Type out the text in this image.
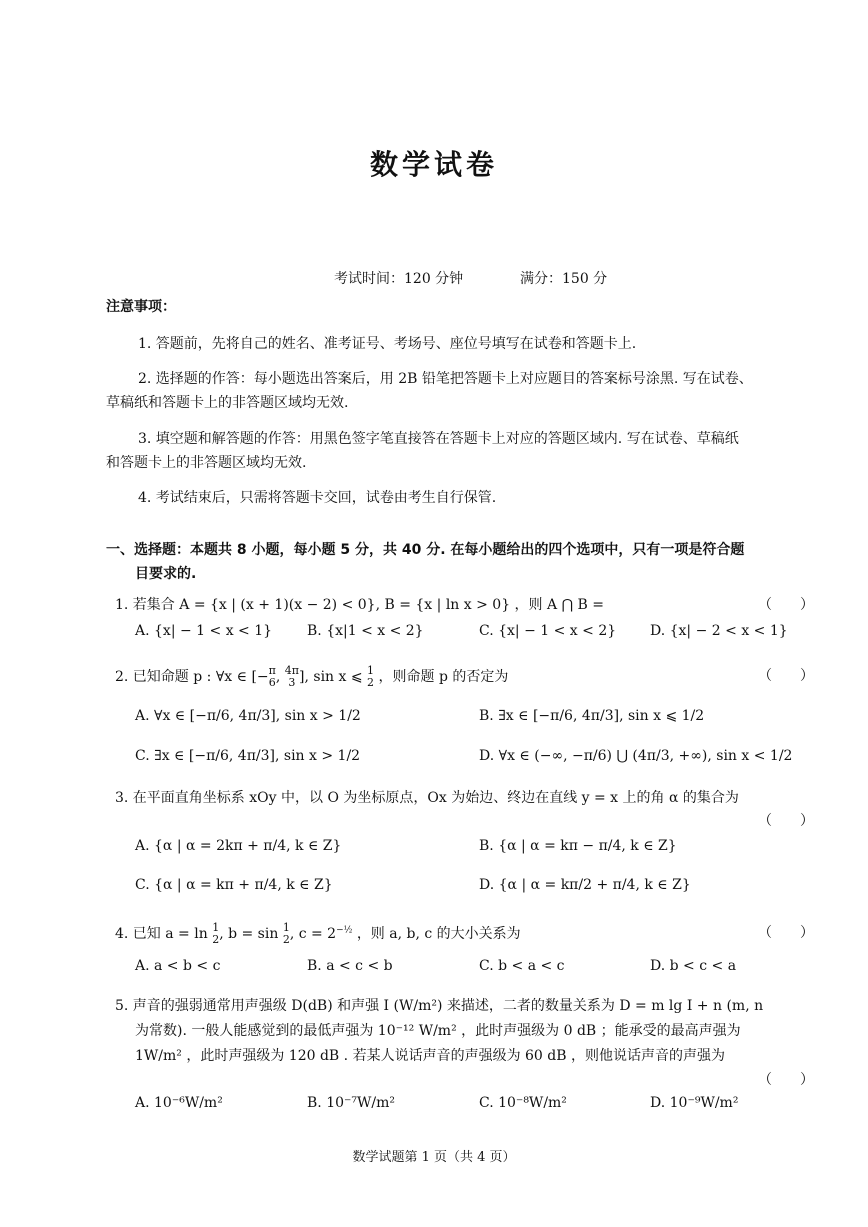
数学试卷
考试时间：120 分钟	满分：150 分
注意事项：
1. 答题前，先将自己的姓名、准考证号、考场号、座位号填写在试卷和答题卡上.
2. 选择题的作答：每小题选出答案后，用 2B 铅笔把答题卡上对应题目的答案标号涂黑. 写在试卷、
草稿纸和答题卡上的非答题区域均无效.
3. 填空题和解答题的作答：用黑色签字笔直接答在答题卡上对应的答题区域内. 写在试卷、草稿纸
和答题卡上的非答题区域均无效.
4. 考试结束后，只需将答题卡交回，试卷由考生自行保管.
一、选择题：本题共 8 小题，每小题 5 分，共 40 分. 在每小题给出的四个选项中，只有一项是符合题
目要求的.
1. 若集合 A = {x | (x + 1)(x − 2) < 0}, B = {x | ln x > 0} ，则 A ⋂ B =	（　　）
A. {x| − 1 < x < 1} B. {x|1 < x < 2}	C. {x| − 1 < x < 2} D. {x| − 2 < x < 1}
2. 已知命题 p : ∀x ∈ [−π
6, 4π
3 ], sin x ⩽ 1
2 ，则命题 p 的否定为	（　　）
A. ∀x ∈ [−π/6, 4π/3], sin x > 1/2	B. ∃x ∈ [−π/6, 4π/3], sin x ⩽ 1/2
C. ∃x ∈ [−π/6, 4π/3], sin x > 1/2	D. ∀x ∈ (−∞, −π/6) ⋃ (4π/3, +∞), sin x < 1/2
3. 在平面直角坐标系 xOy 中，以 O 为坐标原点，Ox 为始边、终边在直线 y = x 上的角 α 的集合为
（　　）
A. {α | α = 2kπ + π/4, k ∈ Z}	B. {α | α = kπ − π/4, k ∈ Z}
C. {α | α = kπ + π/4, k ∈ Z}	D. {α | α = kπ/2 + π/4, k ∈ Z}
4. 已知 a = ln 1
2, b = sin 1
2, $c = 2^{-\frac{1}{2}}$ ，则 a, b, c 的大小关系为	（　　）
A. a < b < c	B. a < c < b	C. b < a < c	D. b < c < a
5. 声音的强弱通常用声强级 D(dB) 和声强 I (W/m²) 来描述，二者的数量关系为 D = m lg I + n (m, n
为常数). 一般人能感觉到的最低声强为 10⁻¹² W/m² ，此时声强级为 0 dB ；能承受的最高声强为
1W/m² ，此时声强级为 120 dB . 若某人说话声音的声强级为 60 dB ，则他说话声音的声强为
（　　）
A. 10⁻⁶W/m²	B. 10⁻⁷W/m²	C. 10⁻⁸W/m²	D. 10⁻⁹W/m²
数学试题第 1 页（共 4 页）
